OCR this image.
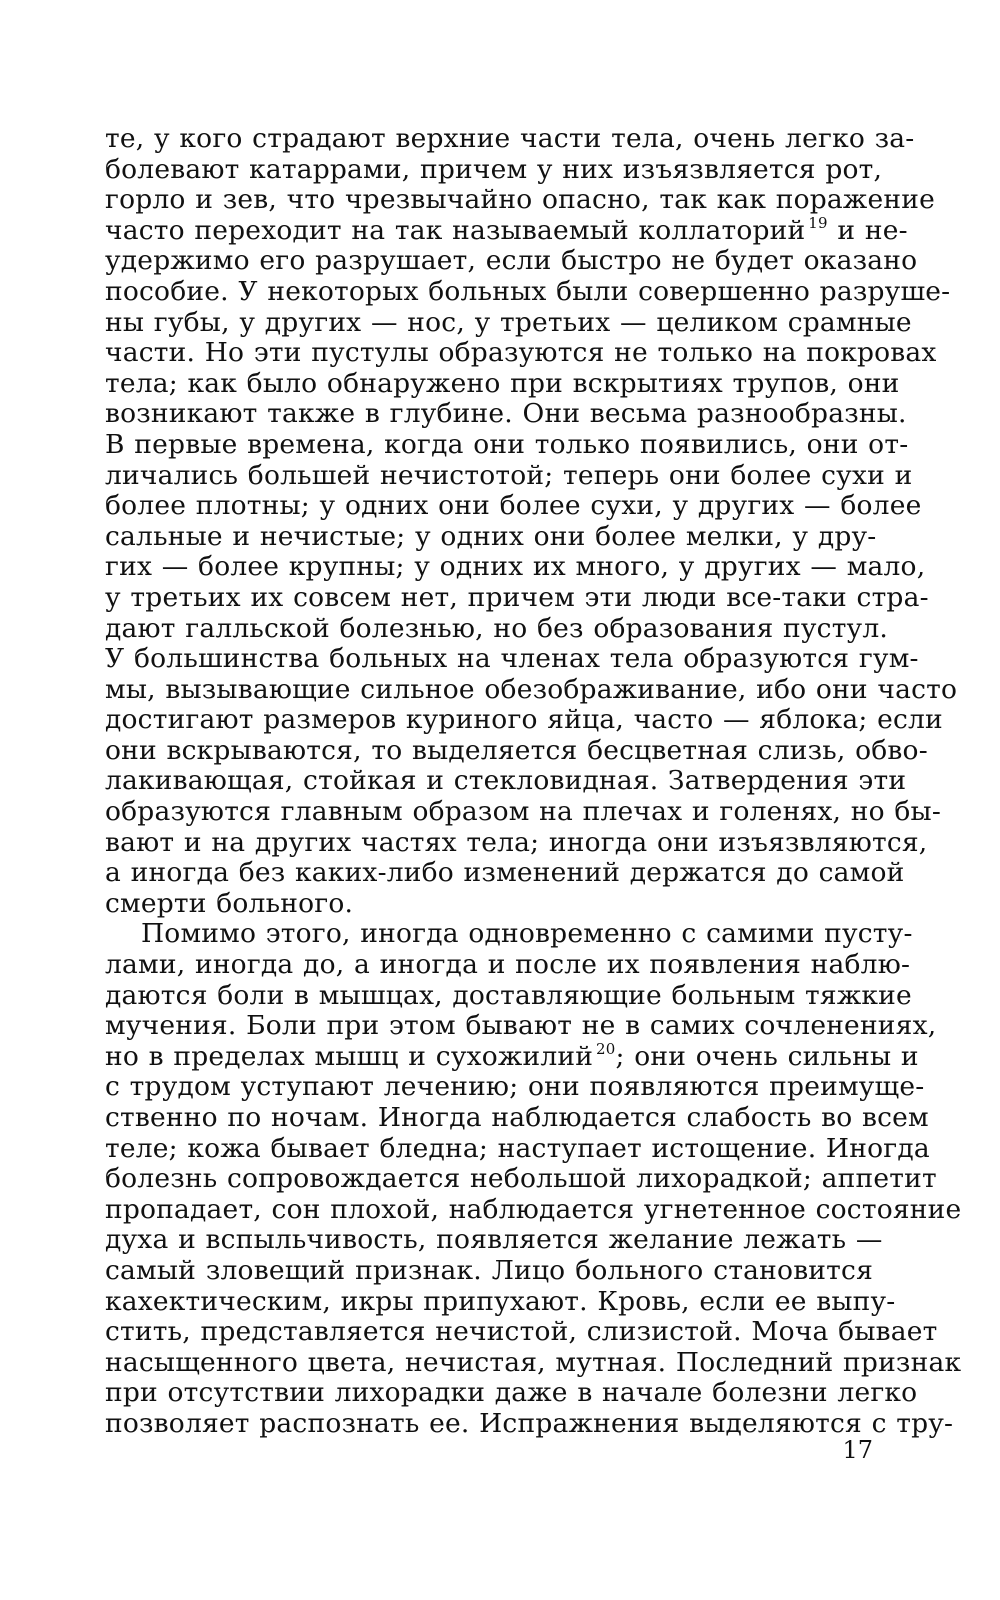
те, у кого страдают верхние части тела, очень легко за-
болевают катаррами, причем у них изъязвляется рот,
горло и зев, что чрезвычайно опасно, так как поражение
часто переходит на так называемый коллаторий  $^{19}$ и не-
удержимо его разрушает, если быстро не будет оказано
пособие. У некоторых больных были совершенно разруше-
ны губы, у других — нос, у третьих — целиком срамные
части. Но эти пустулы образуются не только на покровах
тела; как было обнаружено при вскрытиях трупов, они
возникают также в глубине. Они весьма разнообразны.
В первые времена, когда они только появились, они от-
личались большей нечистотой; теперь они более сухи и
более плотны; у одних они более сухи, у других — более
сальные и нечистые; у одних они более мелки, у дру-
гих — более крупны; у одних их много, у других — мало,
у третьих их совсем нет, причем эти люди все-таки стра-
дают галльской болезнью, но без образования пустул.
У большинства больных на членах тела образуются гум-
мы, вызывающие сильное обезображивание, ибо они часто
достигают размеров куриного яйца, часто — яблока; если
они вскрываются, то выделяется бесцветная слизь, обво-
лакивающая, стойкая и стекловидная. Затвердения эти
образуются главным образом на плечах и голенях, но бы-
вают и на других частях тела; иногда они изъязвляются,
а иногда без каких-либо изменений держатся до самой
смерти больного.
Помимо этого, иногда одновременно с самими пусту-
лами, иногда до, а иногда и после их появления наблю-
даются боли в мышцах, доставляющие больным тяжкие
мучения. Боли при этом бывают не в самих сочленениях,
но в пределах мышц и сухожилий  $^{20}$; они очень сильны и
с трудом уступают лечению; они появляются преимуще-
ственно по ночам. Иногда наблюдается слабость во всем
теле; кожа бывает бледна; наступает истощение. Иногда
болезнь сопровождается небольшой лихорадкой; аппетит
пропадает, сон плохой, наблюдается угнетенное состояние
духа и вспыльчивость, появляется желание лежать —
самый зловещий признак. Лицо больного становится
кахектическим, икры припухают. Кровь, если ее выпу-
стить, представляется нечистой, слизистой. Моча бывает
насыщенного цвета, нечистая, мутная. Последний признак
при отсутствии лихорадки даже в начале болезни легко
позволяет распознать ее. Испражнения выделяются с тру-
17
